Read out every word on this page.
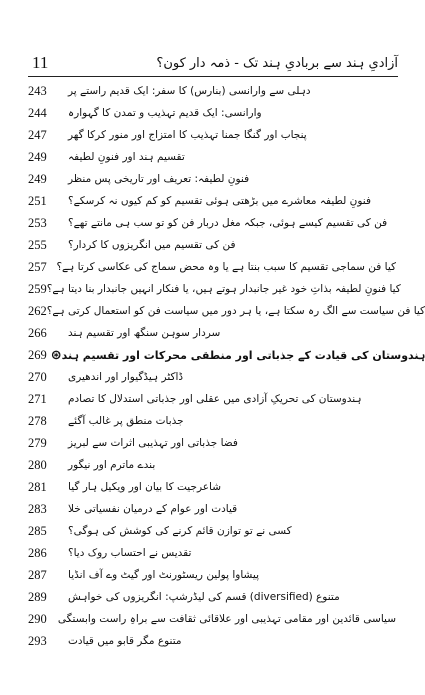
11	آزادیِ ہند سے بربادیِ ہند تک - ذمہ دار کون؟
243	دہلی سے وارانسی (بنارس) کا سفر: ایک قدیم راستے پر
244	وارانسی: ایک قدیم تہذیب و تمدن کا گہوارہ
247	پنجاب اور گنگا جمنا تہذیب کا امتزاج اور منور کرکا گھر
249	تقسیم ہند اور فنونِ لطیفہ
249	فنونِ لطیفہ: تعریف اور تاریخی پس منظر
251	فنونِ لطیفہ معاشرے میں بڑھتی ہوئی تقسیم کو کم کیوں نہ کرسکے؟
253	فن کی تقسیم کیسے ہوئی، جبکہ مغل دربار فن کو تو سب ہی مانتے تھے؟
255	فن کی تقسیم میں انگریزوں کا کردار؟
257 کیا فن سماجی تقسیم کا سبب بنتا ہے یا وہ محض سماج کی عکاسی کرتا ہے؟
259 کیا فنونِ لطیفہ بذاتِ خود غیر جانبدار ہوتے ہیں، یا فنکار انہیں جانبدار بنا دیتا ہے؟
262 کیا فن سیاست سے الگ رہ سکتا ہے، یا ہر دور میں سیاست فن کو استعمال کرتی ہے؟
266	سردار سوہن سنگھ اور تقسیم ہند
269 ہندوستان کی قیادت کے جذباتی اور منطقی محرکات اور تقسیم ہند
⊛
270	ڈاکٹر ہیڈگیوار اور اندھیری
271	ہندوستان کی تحریکِ آزادی میں عقلی اور جذباتی استدلال کا تصادم
278	جذبات منطق پر غالب آگئے
279	فضا جذباتی اور تہذیبی اثرات سے لبریز
280	بندے ماترم اور نیگور
281	شاعرجیت کا بیان اور ویکیل ہار گیا
283	قیادت اور عوام کے درمیان نفسیاتی خلا
285	کسی نے تو توازن قائم کرنے کی کوشش کی ہوگی؟
286	تقدیس نے احتساب روک دیا؟
287	پیشاوا پولین ریسٹورنٹ اور گیٹ وے آف انڈیا
289	متنوع (diversified) قسم کی لیڈرشپ: انگریزوں کی خواہش
290	سیاسی قائدین اور مقامی تہذیبی اور علاقائی ثقافت سے براہِ راست وابستگی
293	متنوع مگر قابو میں قیادت
